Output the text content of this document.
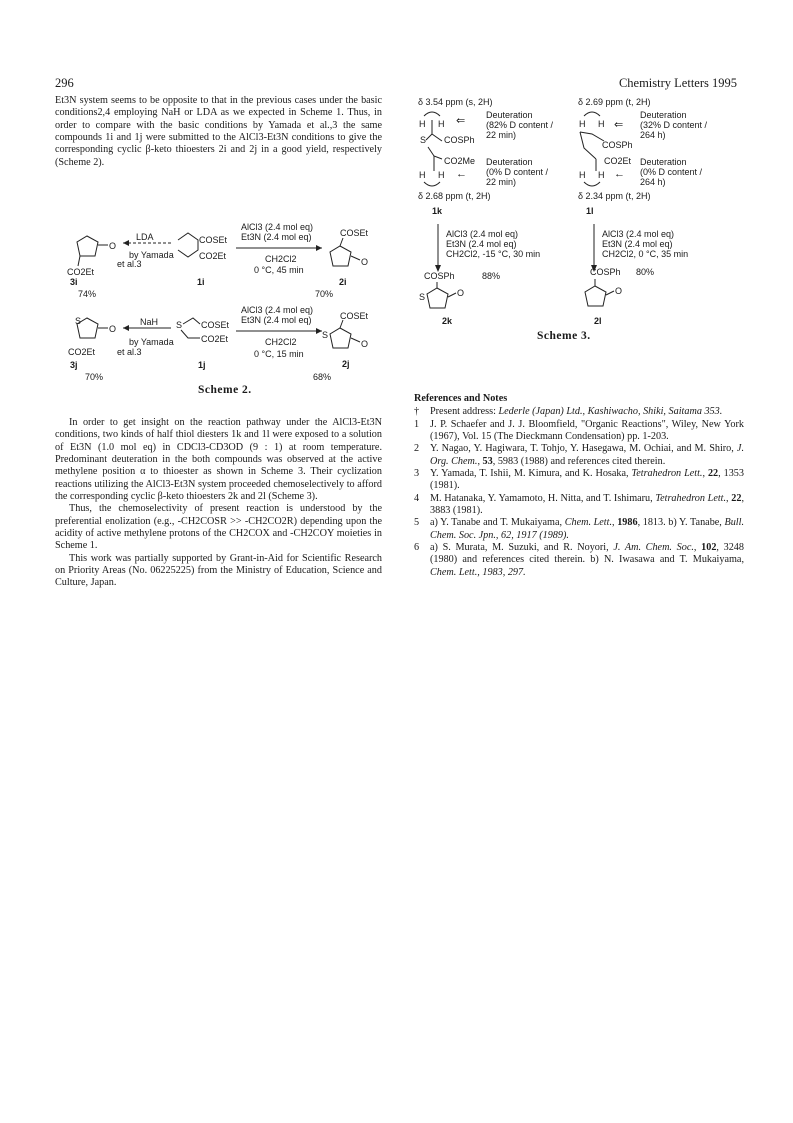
296	Chemistry Letters 1995

Et3N system seems to be opposite to that in the previous cases under the basic conditions2,4 employing NaH or LDA as we expected in Scheme 1. Thus, in order to compare with the basic conditions by Yamada et al.,3 the same compounds 1i and 1j were submitted to the AlCl3-Et3N conditions to give the corresponding cyclic β-keto thioesters 2i and 2j in a good yield, respectively (Scheme 2).

O
CO2Et
3i
74%
LDA
by Yamada
et al.3
COSEt
CO2Et
1i
AlCl3 (2.4 mol eq)
Et3N (2.4 mol eq)
CH2Cl2
0 °C, 45 min
COSEt
O
2i
70%
S
O
CO2Et
3j
70%
NaH
by Yamada
et al.3
S COSEt
CO2Et
1j
AlCl3 (2.4 mol eq)
Et3N (2.4 mol eq)
CH2Cl2
0 °C, 15 min
S
COSEt
O
2j
68%
Scheme 2.

In order to get insight on the reaction pathway under the AlCl3-Et3N conditions, two kinds of half thiol diesters 1k and 1l were exposed to a solution of Et3N (1.0 mol eq) in CDCl3-CD3OD (9 : 1) at room temperature. Predominant deuteration in the both compounds was observed at the active methylene position α to thioester as shown in Scheme 3. Their cyclization reactions utilizing the AlCl3-Et3N system proceeded chemoselectively to afford the corresponding cyclic β-keto thioesters 2k and 2l (Scheme 3).

Thus, the chemoselectivity of present reaction is understood by the preferential enolization (e.g., -CH2COSR >> -CH2CO2R) depending upon the acidity of active methylene protons of the CH2COX and -CH2COY moieties in Scheme 1.

This work was partially supported by Grant-in-Aid for Scientific Research on Priority Areas (No. 06225225) from the Ministry of Education, Science and Culture, Japan.

δ 3.54 ppm (s, 2H)
H H
S COSPh
CO2Me
H H
δ 2.68 ppm (t, 2H)
1k
⇐ Deuteration
(82% D content /
22 min)
←
Deuteration
(0% D content /
22 min)
δ 2.69 ppm (t, 2H)
H H
COSPh
CO2Et
H H
δ 2.34 ppm (t, 2H)
1l
⇐
Deuteration
(32% D content /
264 h)
←
Deuteration
(0% D content /
264 h)
AlCl3 (2.4 mol eq)
Et3N (2.4 mol eq)
CH2Cl2, -15 °C, 30 min
COSPh	88%
S	O
2k
AlCl3 (2.4 mol eq)
Et3N (2.4 mol eq)
CH2Cl2, 0 °C, 35 min
COSPh 80%
O
2l
Scheme 3.
References and Notes
† Present address: Lederle (Japan) Ltd., Kashiwacho, Shiki, Saitama 353.
1 J. P. Schaefer and J. J. Bloomfield, "Organic Reactions", Wiley, New York (1967), Vol. 15 (The Dieckmann Condensation) pp. 1-203.
2 Y. Nagao, Y. Hagiwara, T. Tohjo, Y. Hasegawa, M. Ochiai, and M. Shiro, J. Org. Chem., 53, 5983 (1988) and references cited therein.
3 Y. Yamada, T. Ishii, M. Kimura, and K. Hosaka, Tetrahedron Lett., 22, 1353 (1981).
4 M. Hatanaka, Y. Yamamoto, H. Nitta, and T. Ishimaru, Tetrahedron Lett., 22, 3883 (1981).
5 a) Y. Tanabe and T. Mukaiyama, Chem. Lett., 1986, 1813. b) Y. Tanabe, Bull. Chem. Soc. Jpn., 62, 1917 (1989).
6 a) S. Murata, M. Suzuki, and R. Noyori, J. Am. Chem. Soc., 102, 3248 (1980) and references cited therein. b) N. Iwasawa and T. Mukaiyama, Chem. Lett., 1983, 297.
